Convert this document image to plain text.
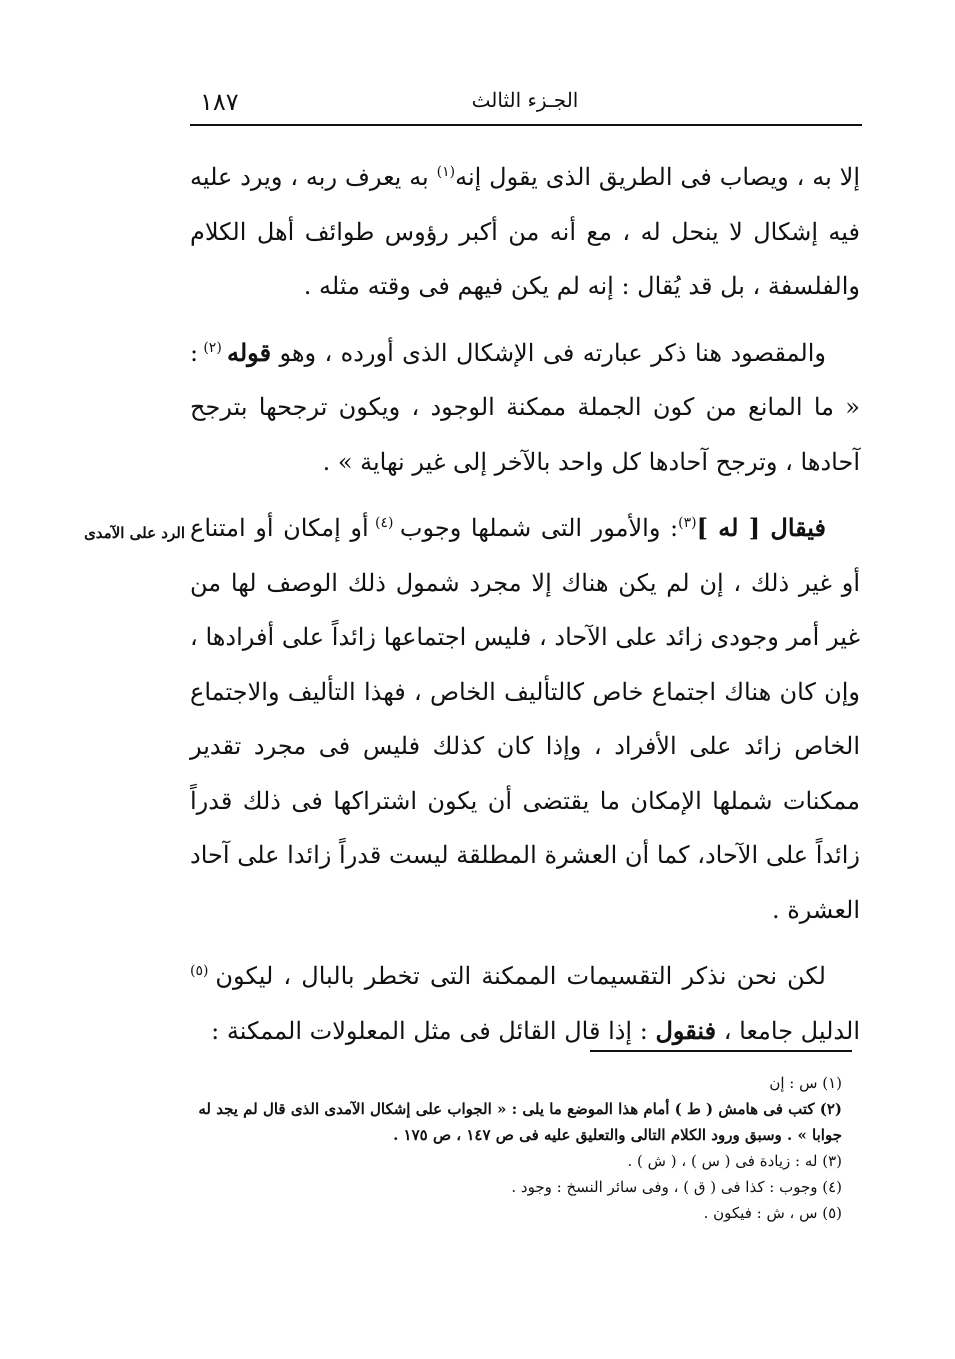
١٨٧	الجـزء الثالث
الرد على الآمدى

إلا به ، ويصاب فى الطريق الذى يقول إنه$^{(١)}$ به يعرف ربه ، ويرد عليه فيه إشكال لا ينحل له ، مع أنه من أكبر رؤوس طوائف أهل الكلام والفلسفة ، بل قد يُقال : إنه لم يكن فيهم فى وقته مثله .

والمقصود هنا ذكر عبارته فى الإشكال الذى أورده ، وهو قوله $^{(٢)}$ : « ما المانع من كون الجملة ممكنة الوجود ، ويكون ترجحها بترجح آحادها ، وترجح آحادها كل واحد بالآخر إلى غير نهاية » .

فيقال [ له ]$^{(٣)}$: والأمور التى شملها وجوب $^{(٤)}$ أو إمكان أو امتناع أو غير ذلك ، إن لم يكن هناك إلا مجرد شمول ذلك الوصف لها من غير أمر وجودى زائد على الآحاد ، فليس اجتماعها زائداً على أفرادها ، وإن كان هناك اجتماع خاص كالتأليف الخاص ، فهذا التأليف والاجتماع الخاص زائد على الأفراد ، وإذا كان كذلك فليس فى مجرد تقدير ممكنات شملها الإمكان ما يقتضى أن يكون اشتراكها فى ذلك قدراً زائداً على الآحاد، كما أن العشرة المطلقة ليست قدراً زائدا على آحاد العشرة .

لكن نحن نذكر التقسيمات الممكنة التى تخطر بالبال ، ليكون $^{(٥)}$ الدليل جامعا ، فنقول : إذا قال القائل فى مثل المعلولات الممكنة :

(١) س : إن

(٢) كتب فى هامش ( ط ) أمام هذا الموضع ما يلى : « الجواب على إشكال الآمدى الذى قال لم يجد له جوابا » . وسبق ورود الكلام التالى والتعليق عليه فى ص ١٤٧ ، ص ١٧٥ .

(٣) له : زيادة فى ( س ) ، ( ش ) .

(٤) وجوب : كذا فى ( ق ) ، وفى سائر النسخ : وجود .

(٥) س ، ش : فيكون .
